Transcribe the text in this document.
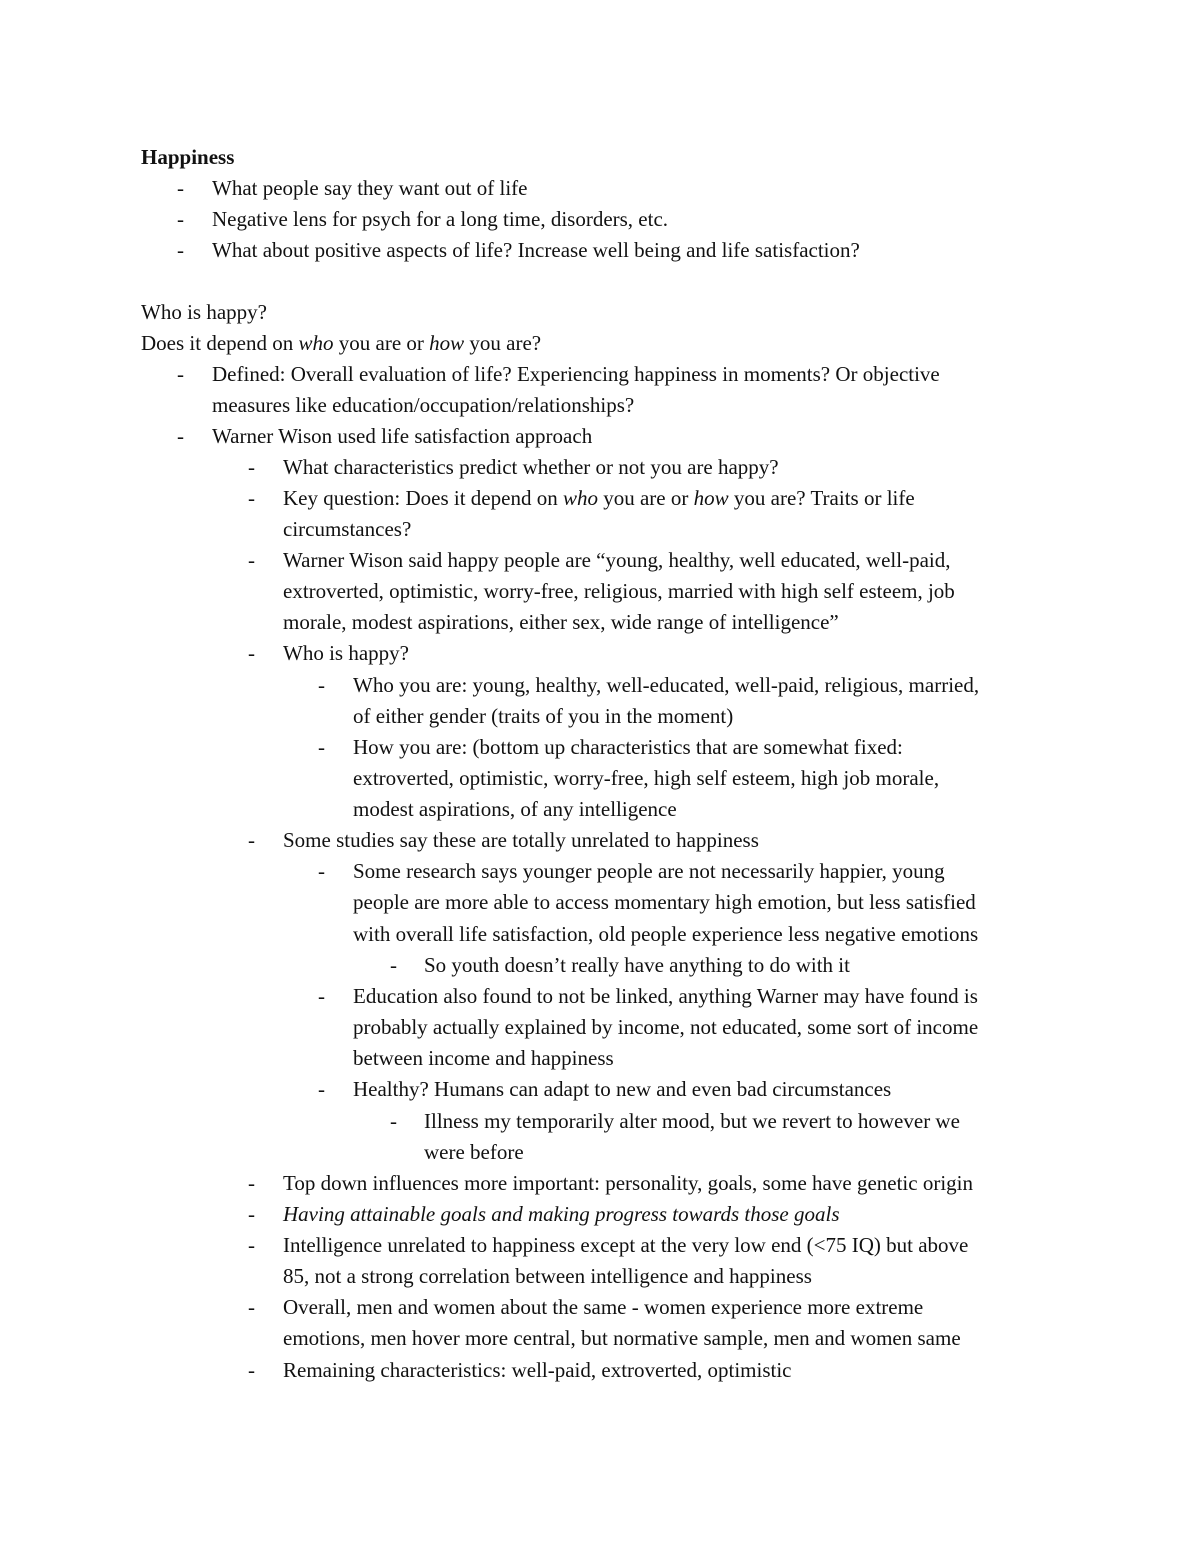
Happiness
-
What people say they want out of life
-
Negative lens for psych for a long time, disorders, etc.
-
What about positive aspects of life? Increase well being and life satisfaction?
Who is happy?
Does it depend on who you are or how you are?
-
Defined: Overall evaluation of life? Experiencing happiness in moments? Or objective
measures like education/occupation/relationships?
-
Warner Wison used life satisfaction approach
-
What characteristics predict whether or not you are happy?
-
Key question: Does it depend on who you are or how you are? Traits or life
circumstances?
-
Warner Wison said happy people are “young, healthy, well educated, well-paid,
extroverted, optimistic, worry-free, religious, married with high self esteem, job
morale, modest aspirations, either sex, wide range of intelligence”
-
Who is happy?
-
Who you are: young, healthy, well-educated, well-paid, religious, married,
of either gender (traits of you in the moment)
-
How you are: (bottom up characteristics that are somewhat fixed:
extroverted, optimistic, worry-free, high self esteem, high job morale,
modest aspirations, of any intelligence
-
Some studies say these are totally unrelated to happiness
-
Some research says younger people are not necessarily happier, young
people are more able to access momentary high emotion, but less satisfied
with overall life satisfaction, old people experience less negative emotions
-
So youth doesn’t really have anything to do with it
-
Education also found to not be linked, anything Warner may have found is
probably actually explained by income, not educated, some sort of income
between income and happiness
-
Healthy? Humans can adapt to new and even bad circumstances
-
Illness my temporarily alter mood, but we revert to however we
were before
-
Top down influences more important: personality, goals, some have genetic origin
-
Having attainable goals and making progress towards those goals
-
Intelligence unrelated to happiness except at the very low end (<75 IQ) but above
85, not a strong correlation between intelligence and happiness
-
Overall, men and women about the same - women experience more extreme
emotions, men hover more central, but normative sample, men and women same
-
Remaining characteristics: well-paid, extroverted, optimistic
